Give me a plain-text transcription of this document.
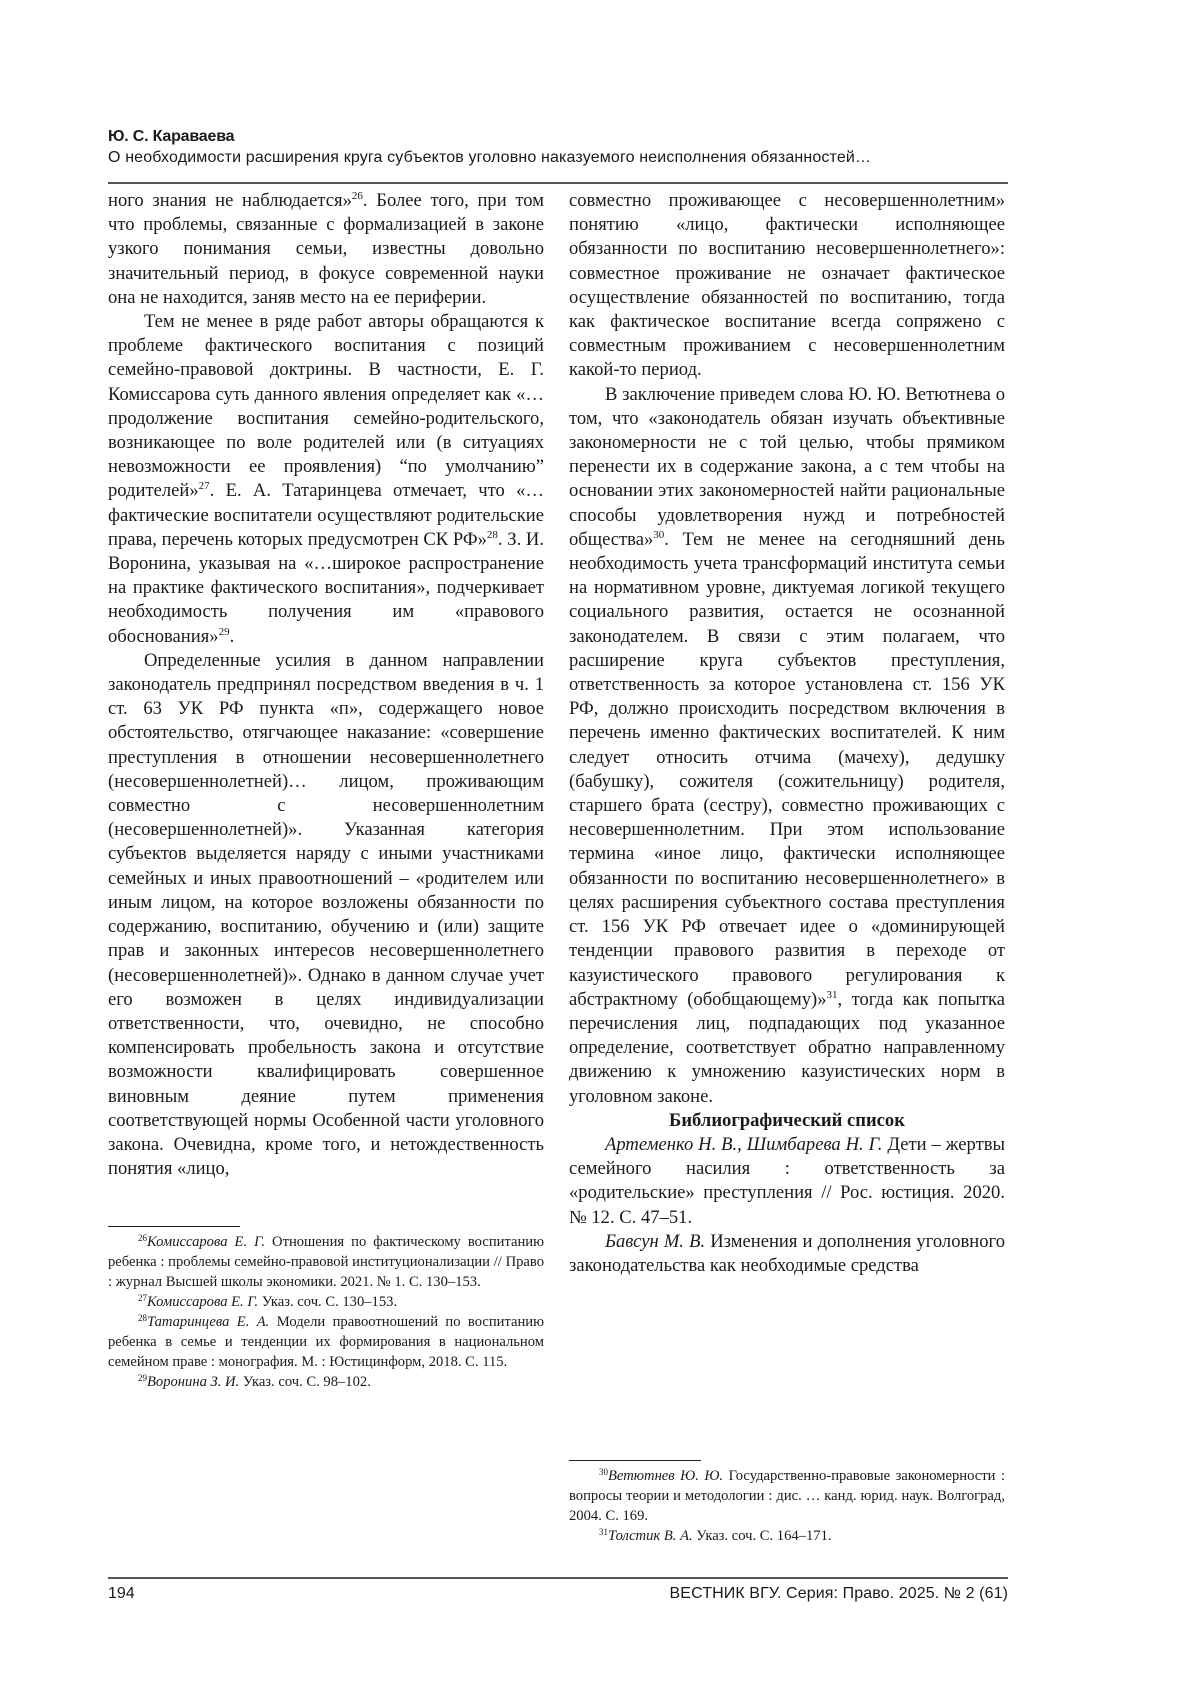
Ю. С. Караваева
О необходимости расширения круга субъектов уголовно наказуемого неисполнения обязанностей…

ного знания не наблюдается»$^{26}$. Более того, при том что проблемы, связанные с формализацией в законе узкого понимания семьи, известны довольно значительный период, в фокусе современной науки она не находится, заняв место на ее периферии.

Тем не менее в ряде работ авторы обращаются к проблеме фактического воспитания с позиций семейно-правовой доктрины. В частности, Е. Г. Комиссарова суть данного явления определяет как «…продолжение воспитания семейно-родительского, возникающее по воле родителей или (в ситуациях невозможности ее проявления) “по умолчанию” родителей»$^{27}$. Е. А. Татаринцева отмечает, что «…фактические воспитатели осуществляют родительские права, перечень которых предусмотрен СК РФ»$^{28}$. З. И. Воронина, указывая на «…широкое распространение на практике фактического воспитания», подчеркивает необходимость получения им «правового обоснования»$^{29}$.

Определенные усилия в данном направлении законодатель предпринял посредством введения в ч. 1 ст. 63 УК РФ пункта «п», содержащего новое обстоятельство, отягчающее наказание: «совершение преступления в отношении несовершеннолетнего (несовершеннолетней)… лицом, проживающим совместно с несовершеннолетним (несовершеннолетней)». Указанная категория субъектов выделяется наряду с иными участниками семейных и иных правоотношений – «родителем или иным лицом, на которое возложены обязанности по содержанию, воспитанию, обучению и (или) защите прав и законных интересов несовершеннолетнего (несовершеннолетней)». Однако в данном случае учет его возможен в целях индивидуализации ответственности, что, очевидно, не способно компенсировать пробельность закона и отсутствие возможности квалифицировать совершенное виновным деяние путем применения соответствующей нормы Особенной части уголовного закона. Очевидна, кроме того, и нетождественность понятия «лицо,

$^{26}$Комиссарова Е. Г. Отношения по фактическому воспитанию ребенка : проблемы семейно-правовой институционализации // Право : журнал Высшей школы экономики. 2021. № 1. С. 130–153.

$^{27}$Комиссарова Е. Г. Указ. соч. С. 130–153.

$^{28}$Татаринцева Е. А. Модели правоотношений по воспитанию ребенка в семье и тенденции их формирования в национальном семейном праве : монография. М. : Юстицинформ, 2018. С. 115.

$^{29}$Воронина З. И. Указ. соч. С. 98–102.

совместно проживающее с несовершеннолетним» понятию «лицо, фактически исполняющее обязанности по воспитанию несовершеннолетнего»: совместное проживание не означает фактическое осуществление обязанностей по воспитанию, тогда как фактическое воспитание всегда сопряжено с совместным проживанием с несовершеннолетним какой-то период.

В заключение приведем слова Ю. Ю. Ветютнева о том, что «законодатель обязан изучать объективные закономерности не с той целью, чтобы прямиком перенести их в содержание закона, а с тем чтобы на основании этих закономерностей найти рациональные способы удовлетворения нужд и потребностей общества»$^{30}$. Тем не менее на сегодняшний день необходимость учета трансформаций института семьи на нормативном уровне, диктуемая логикой текущего социального развития, остается не осознанной законодателем. В связи с этим полагаем, что расширение круга субъектов преступления, ответственность за которое установлена ст. 156 УК РФ, должно происходить посредством включения в перечень именно фактических воспитателей. К ним следует относить отчима (мачеху), дедушку (бабушку), сожителя (сожительницу) родителя, старшего брата (сестру), совместно проживающих с несовершеннолетним. При этом использование термина «иное лицо, фактически исполняющее обязанности по воспитанию несовершеннолетнего» в целях расширения субъектного состава преступления ст. 156 УК РФ отвечает идее о «доминирующей тенденции правового развития в переходе от казуистического правового регулирования к абстрактному (обобщающему)»$^{31}$, тогда как попытка перечисления лиц, подпадающих под указанное определение, соответствует обратно направленному движению к умножению казуистических норм в уголовном законе.

Библиографический список

Артеменко Н. В., Шимбарева Н. Г. Дети – жертвы семейного насилия : ответственность за «родительские» преступления // Рос. юстиция. 2020. № 12. С. 47–51.

Бавсун М. В. Изменения и дополнения уголовного законодательства как необходимые средства

$^{30}$Ветютнев Ю. Ю. Государственно-правовые закономерности : вопросы теории и методологии : дис. … канд. юрид. наук. Волгоград, 2004. С. 169.

$^{31}$Толстик В. А. Указ. соч. С. 164–171.

194	ВЕСТНИК ВГУ. Серия: Право. 2025. № 2 (61)
